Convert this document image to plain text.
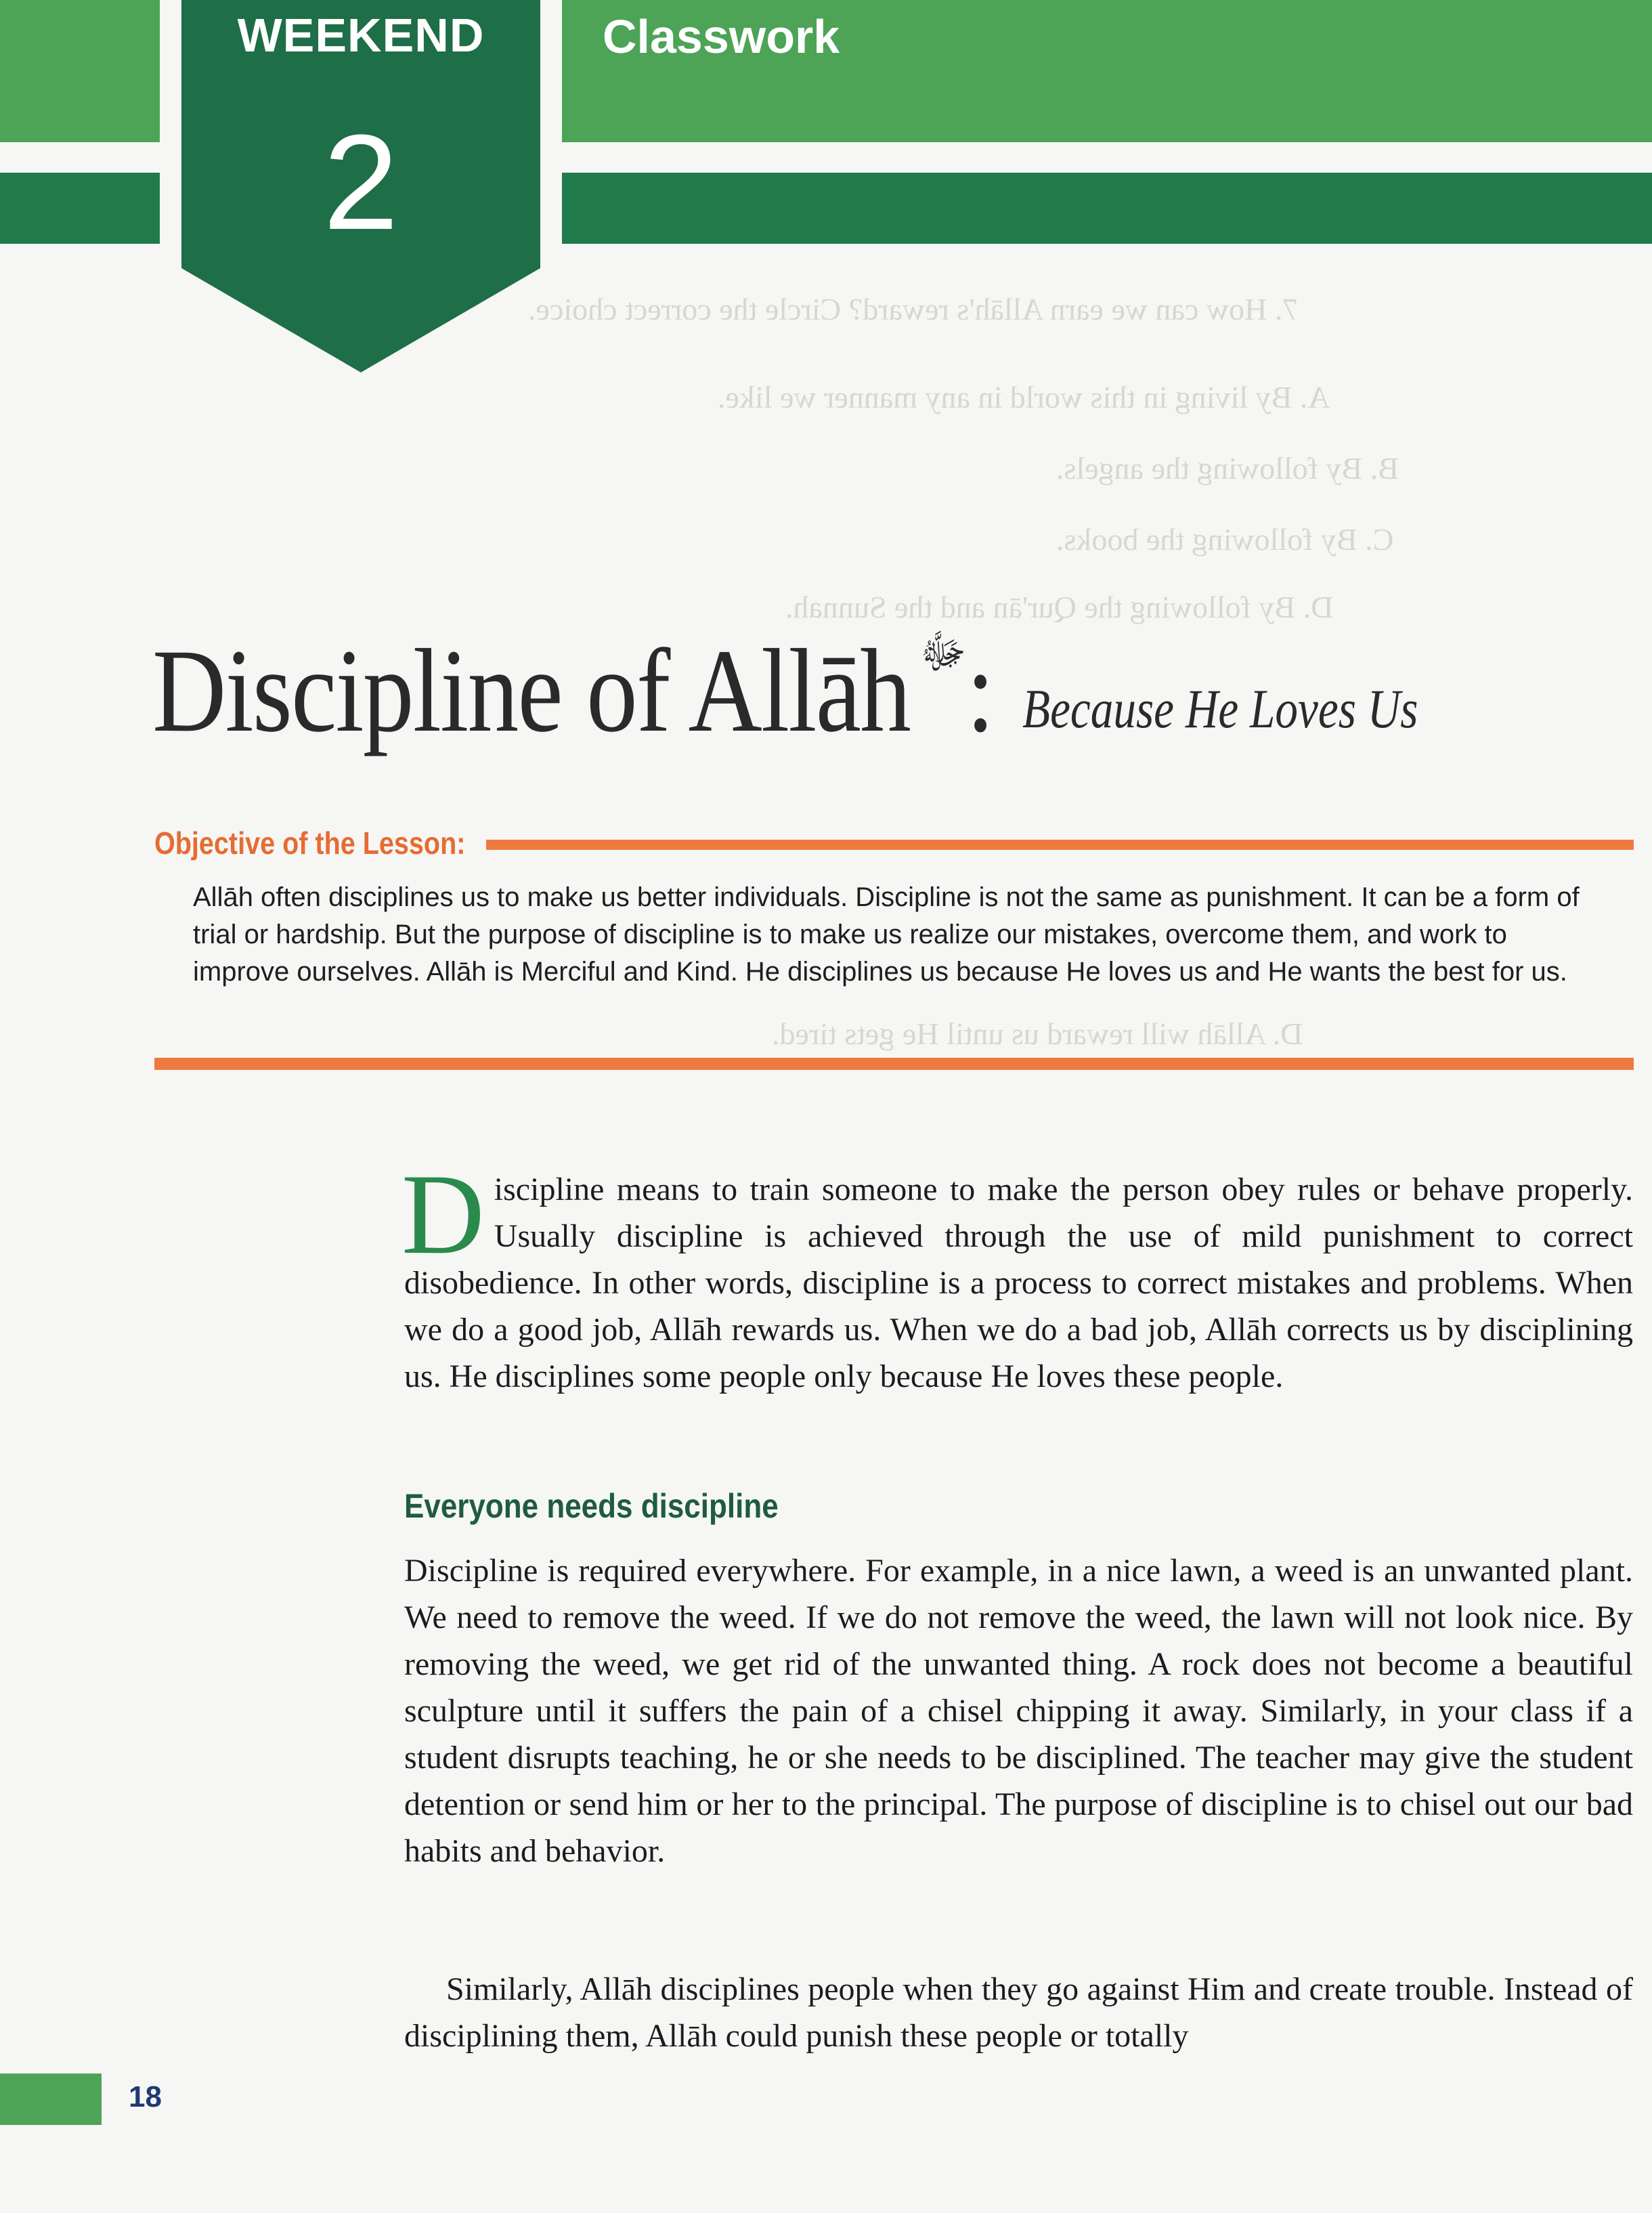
WEEKEND
2
Classwork
7. How can we earn Allāh's reward? Circle the correct choice.
A. By living in this world in any manner we like.
B. By following the angels.
C. By following the books.
D. By following the Qur'ān and the Sunnah.
D. Allāh will reward us until He gets tired.
Discipline of Allāh $^ﷻ$: Because He Loves Us
Objective of the Lesson:
Allāh often disciplines us to make us better individuals. Discipline is not the same as punishment. It can be a form of trial or hardship. But the purpose of discipline is to make us realize our mistakes, overcome them, and work to improve ourselves. Allāh is Merciful and Kind. He disciplines us because He loves us and He wants the best for us.
Discipline means to train someone to make the person obey rules or behave properly. Usually discipline is achieved through the use of mild punishment to correct disobedience. In other words, discipline is a process to correct mistakes and problems. When we do a good job, Allāh rewards us. When we do a bad job, Allāh corrects us by disciplining us. He disciplines some people only because He loves these people.
Everyone needs discipline
Discipline is required everywhere. For example, in a nice lawn, a weed is an unwanted plant. We need to remove the weed. If we do not remove the weed, the lawn will not look nice. By removing the weed, we get rid of the unwanted thing. A rock does not become a beautiful sculpture until it suffers the pain of a chisel chipping it away. Similarly, in your class if a student disrupts teaching, he or she needs to be disciplined. The teacher may give the student detention or send him or her to the principal. The purpose of discipline is to chisel out our bad habits and behavior.
Similarly, Allāh disciplines people when they go against Him and create trouble. Instead of disciplining them, Allāh could punish these people or totally
18
